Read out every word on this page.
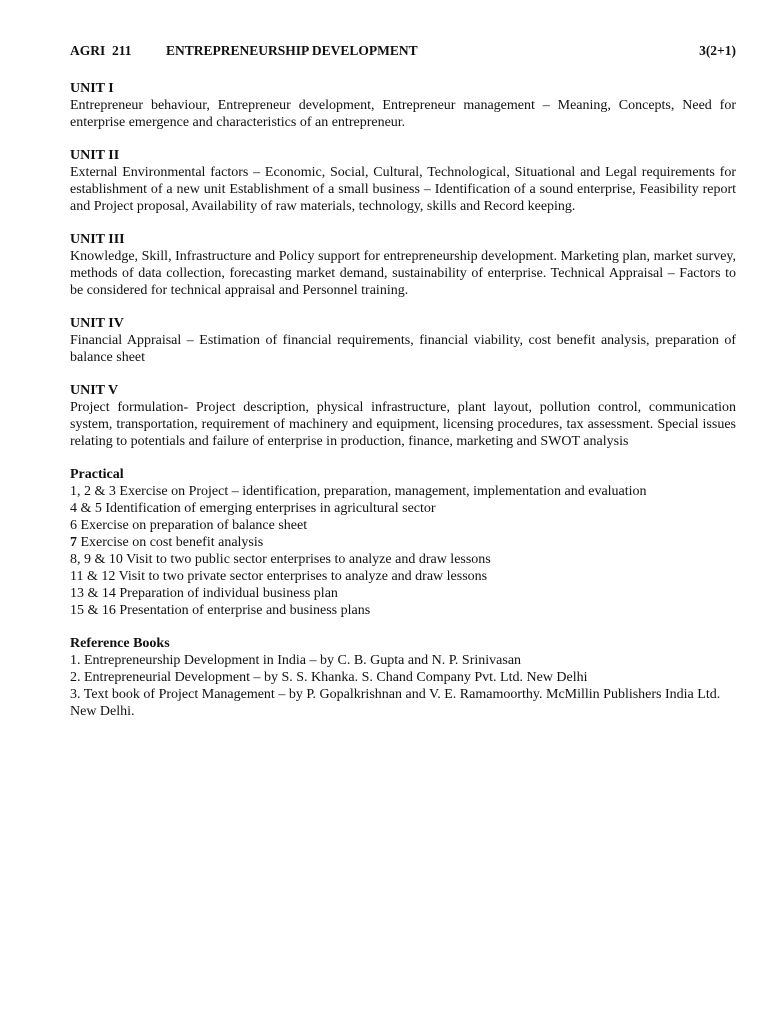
AGRI  211	ENTREPRENEURSHIP DEVELOPMENT	3(2+1)
UNIT I
Entrepreneur behaviour, Entrepreneur development, Entrepreneur management – Meaning, Concepts, Need for enterprise emergence and characteristics of an entrepreneur.
UNIT II
External Environmental factors – Economic, Social, Cultural, Technological, Situational and Legal requirements for establishment of a new unit Establishment of a small business – Identification of a sound enterprise, Feasibility report and Project proposal, Availability of raw materials, technology, skills and Record keeping.
UNIT III
Knowledge, Skill, Infrastructure and Policy support for entrepreneurship development. Marketing plan, market survey, methods of data collection, forecasting market demand, sustainability of enterprise. Technical Appraisal – Factors to be considered for technical appraisal and Personnel training.
UNIT IV
Financial Appraisal – Estimation of financial requirements, financial viability, cost benefit analysis, preparation of balance sheet
UNIT V
Project formulation- Project description, physical infrastructure, plant layout, pollution control, communication system, transportation, requirement of machinery and equipment, licensing procedures, tax assessment. Special issues relating to potentials and failure of enterprise in production, finance, marketing and SWOT analysis
Practical
1, 2 & 3 Exercise on Project – identification, preparation, management, implementation and evaluation
4 & 5 Identification of emerging enterprises in agricultural sector
6 Exercise on preparation of balance sheet
7 Exercise on cost benefit analysis
8, 9 & 10 Visit to two public sector enterprises to analyze and draw lessons
11 & 12 Visit to two private sector enterprises to analyze and draw lessons
13 & 14 Preparation of individual business plan
15 & 16 Presentation of enterprise and business plans
Reference Books
1. Entrepreneurship Development in India – by C. B. Gupta and N. P. Srinivasan
2. Entrepreneurial Development – by S. S. Khanka. S. Chand Company Pvt. Ltd. New Delhi
3. Text book of Project Management – by P. Gopalkrishnan and V. E. Ramamoorthy. McMillin Publishers India Ltd. New Delhi.
